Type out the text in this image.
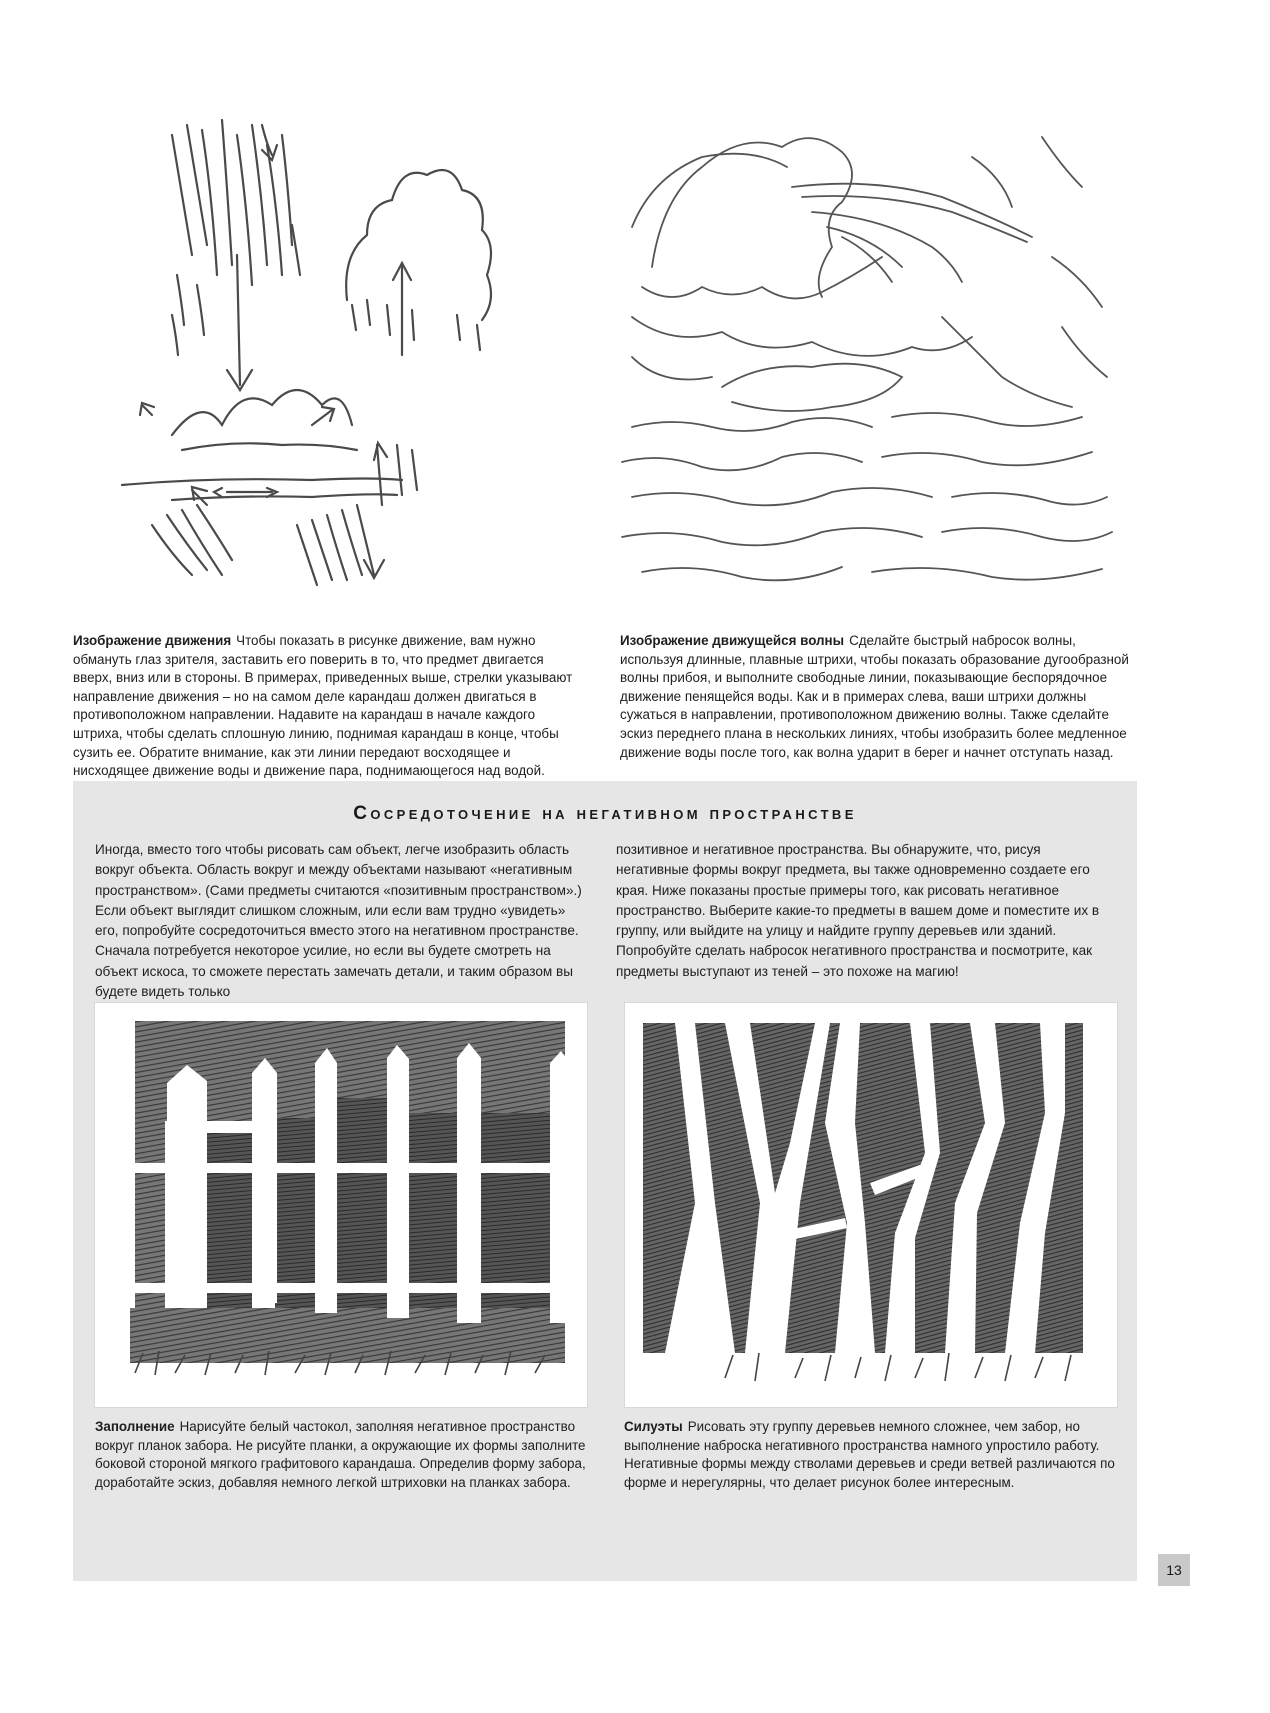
Изображение движения Чтобы показать в рисунке движение, вам нужно обмануть глаз зрителя, заставить его поверить в то, что предмет двигается вверх, вниз или в стороны. В примерах, приведенных выше, стрелки указывают направление движения – но на самом деле карандаш должен двигаться в противоположном направлении. Надавите на карандаш в начале каждого штриха, чтобы сделать сплошную линию, поднимая карандаш в конце, чтобы сузить ее. Обратите внимание, как эти линии передают восходящее и нисходящее движение воды и движение пара, поднимающегося над водой.
Изображение движущейся волны Сделайте быстрый набросок волны, используя длинные, плавные штрихи, чтобы показать образование дугообразной волны прибоя, и выполните свободные линии, показывающие беспорядочное движение пенящейся воды. Как и в примерах слева, ваши штрихи должны сужаться в направлении, противоположном движению волны. Также сделайте эскиз переднего плана в нескольких линиях, чтобы изобразить более медленное движение воды после того, как волна ударит в берег и начнет отступать назад.
Сосредоточение на негативном пространстве
Иногда, вместо того чтобы рисовать сам объект, легче изобразить область вокруг объекта. Область вокруг и между объектами называют «негативным пространством». (Сами предметы считаются «позитивным пространством».) Если объект выглядит слишком сложным, или если вам трудно «увидеть» его, попробуйте сосредоточиться вместо этого на негативном пространстве. Сначала потребуется некоторое усилие, но если вы будете смотреть на объект искоса, то сможете перестать замечать детали, и таким образом вы будете видеть только
позитивное и негативное пространства. Вы обнаружите, что, рисуя негативные формы вокруг предмета, вы также одновременно создаете его края. Ниже показаны простые примеры того, как рисовать негативное пространство. Выберите какие-то предметы в вашем доме и поместите их в группу, или выйдите на улицу и найдите группу деревьев или зданий. Попробуйте сделать набросок негативного пространства и посмотрите, как предметы выступают из теней – это похоже на магию!
Заполнение Нарисуйте белый частокол, заполняя негативное пространство вокруг планок забора. Не рисуйте планки, а окружающие их формы заполните боковой стороной мягкого графитового карандаша. Определив форму забора, доработайте эскиз, добавляя немного легкой штриховки на планках забора.
Силуэты Рисовать эту группу деревьев немного сложнее, чем забор, но выполнение наброска негативного пространства намного упростило работу. Негативные формы между стволами деревьев и среди ветвей различаются по форме и нерегулярны, что делает рисунок более интересным.
13
